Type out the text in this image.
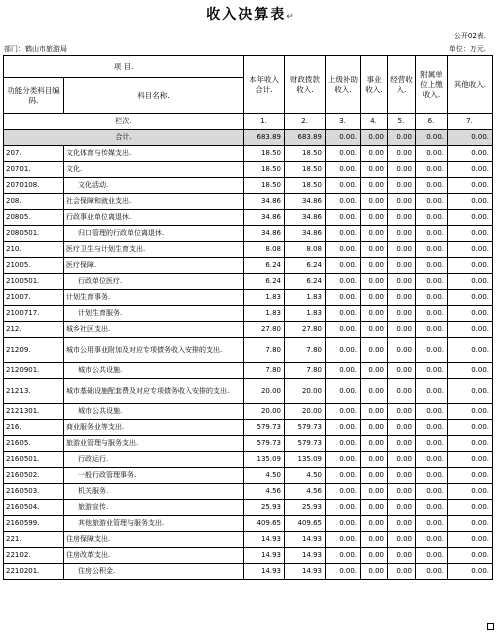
收入决算表↵
公开02表.
部门：鹤山市旅游局	单位：万元.
项 目.		本年收入合计.	财政拨款收入.	上级补助收入.	事业收入.	经营收入.	附属单位上缴收入.	其他收入.
功能分类科目编码.	科目名称.							
栏次.		1.	2.	3.	4.	5.	6.	7.
合计.		683.89	683.89	0.00.	0.00	0.00	0.00.	0.00.
207.	文化体育与传媒支出.	18.50	18.50	0.00.	0.00	0.00	0.00.	0.00.
20701.	文化.	18.50	18.50	0.00.	0.00	0.00	0.00.	0.00.
2070108.	文化活动.	18.50	18.50	0.00.	0.00	0.00	0.00.	0.00.
208.	社会保障和就业支出.	34.86	34.86	0.00.	0.00	0.00	0.00.	0.00.
20805.	行政事业单位离退休.	34.86	34.86	0.00.	0.00	0.00	0.00.	0.00.
2080501.	归口管理的行政单位离退休.	34.86	34.86	0.00.	0.00	0.00	0.00.	0.00.
210.	医疗卫生与计划生育支出.	8.08	8.08	0.00.	0.00	0.00	0.00.	0.00.
21005.	医疗保障.	6.24	6.24	0.00.	0.00	0.00	0.00.	0.00.
2100501.	行政单位医疗.	6.24	6.24	0.00.	0.00	0.00	0.00.	0.00.
21007.	计划生育事务.	1.83	1.83	0.00.	0.00	0.00	0.00.	0.00.
2100717.	计划生育服务.	1.83	1.83	0.00.	0.00	0.00	0.00.	0.00.
212.	城乡社区支出.	27.80	27.80	0.00.	0.00	0.00	0.00.	0.00.
21209.	城市公用事业附加及对应专项债务收入安排的支出.	7.80	7.80	0.00.	0.00	0.00	0.00.	0.00.
2120901.	城市公共设施.	7.80	7.80	0.00.	0.00	0.00	0.00.	0.00.
21213.	城市基础设施配套费及对应专项债务收入安排的支出.	20.00	20.00	0.00.	0.00	0.00	0.00.	0.00.
2121301.	城市公共设施.	20.00	20.00	0.00.	0.00	0.00	0.00.	0.00.
216.	商业服务业等支出.	579.73	579.73	0.00.	0.00	0.00	0.00.	0.00.
21605.	旅游业管理与服务支出.	579.73	579.73	0.00.	0.00	0.00	0.00.	0.00.
2160501.	行政运行.	135.09	135.09	0.00.	0.00	0.00	0.00.	0.00.
2160502.	一般行政管理事务.	4.50	4.50	0.00.	0.00	0.00	0.00.	0.00.
2160503.	机关服务.	4.56	4.56	0.00.	0.00	0.00	0.00.	0.00.
2160504.	旅游宣传.	25.93	25.93	0.00.	0.00	0.00	0.00.	0.00.
2160599.	其他旅游业管理与服务支出.	409.65	409.65	0.00.	0.00	0.00	0.00.	0.00.
221.	住房保障支出.	14.93	14.93	0.00.	0.00	0.00	0.00.	0.00.
22102.	住房改革支出.	14.93	14.93	0.00.	0.00	0.00	0.00.	0.00.
2210201.	住房公积金.	14.93	14.93	0.00.	0.00	0.00	0.00.	0.00.
